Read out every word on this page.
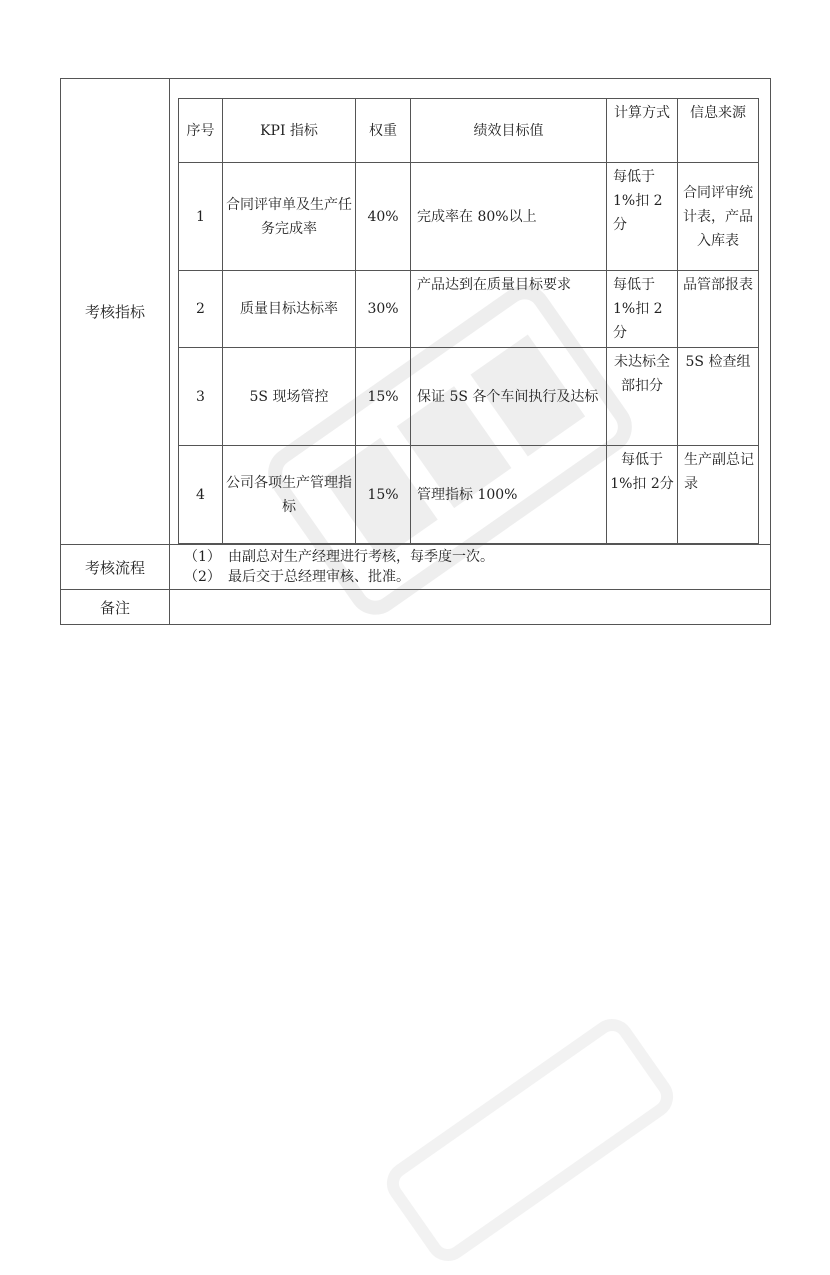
考核指标	
序号	KPI 指标	权重	绩效目标值	计算方式	信息来源
1	合同评审单及生产任务完成率	40%	完成率在 80%以上	每低于1%扣 2分	合同评审统计表，产品入库表
2	质量目标达标率	30%	产品达到在质量目标要求	每低于1%扣 2分	品管部报表
3	5S 现场管控	15%	保证 5S 各个车间执行及达标	未达标全部扣分	5S 检查组
4	公司各项生产管理指标	15%	管理指标 100%	每低于1%扣 2分	生产副总记录

考核流程	
（1） 由副总对生产经理进行考核，每季度一次。
（2） 最后交于总经理审核、批准。

备注	
